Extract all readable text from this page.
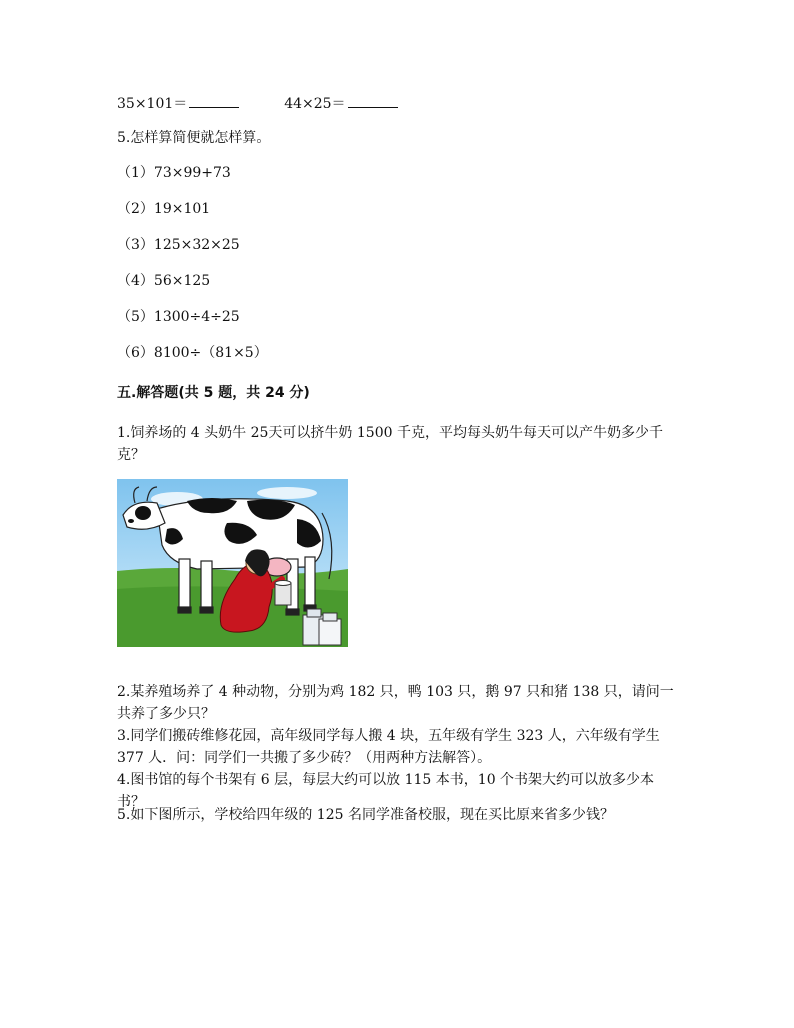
35×101＝	44×25＝
5.怎样算简便就怎样算。
（1）73×99+73
（2）19×101
（3）125×32×25
（4）56×125
（5）1300÷4÷25
（6）8100÷（81×5）
五.解答题(共 5 题，共 24 分)
1.饲养场的 4 头奶牛 25天可以挤牛奶 1500 千克，平均每头奶牛每天可以产牛奶多少千克？
2.某养殖场养了 4 种动物，分别为鸡 182 只，鸭 103 只，鹅 97 只和猪 138 只，请问一共养了多少只？
3.同学们搬砖维修花园，高年级同学每人搬 4 块，五年级有学生 323 人，六年级有学生 377 人．问：同学们一共搬了多少砖？（用两种方法解答）。
4.图书馆的每个书架有 6 层，每层大约可以放 115 本书，10 个书架大约可以放多少本书？
5.如下图所示，学校给四年级的 125 名同学准备校服，现在买比原来省多少钱？
